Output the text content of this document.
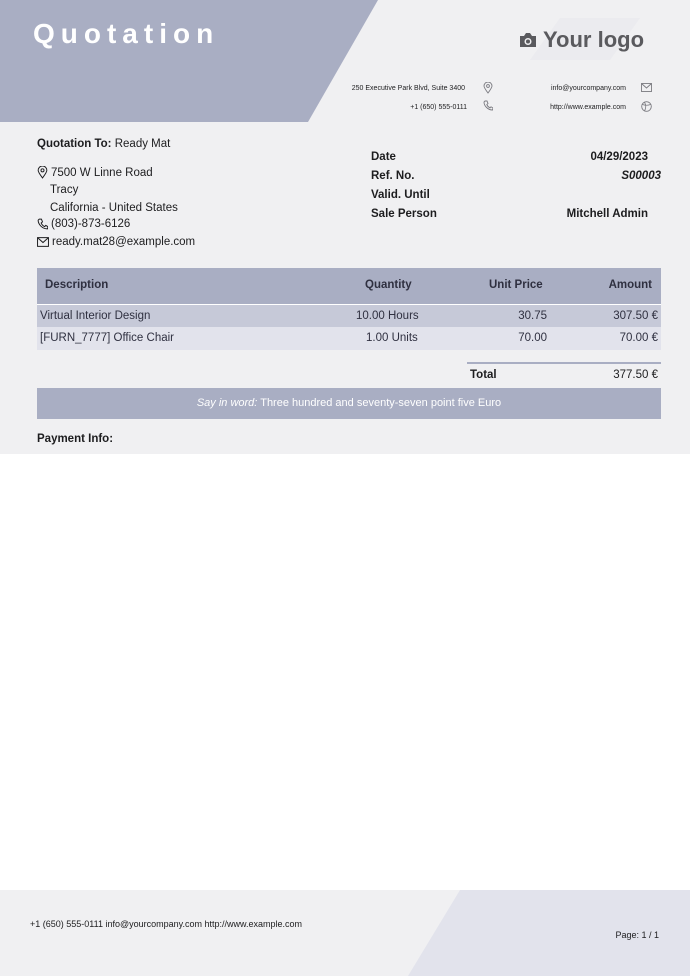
Quotation	Your logo
250 Executive Park Blvd, Suite 3400
+1 (650) 555-0111
info@yourcompany.com
http://www.example.com
Quotation To: Ready Mat
7500 W Linne Road
Tracy
California - United States
(803)-873-6126
ready.mat28@example.com
Date	04/29/2023
Ref. No.	S00003
Valid. Until
Sale Person	Mitchell Admin
Description	Quantity	Unit Price	Amount
Virtual Interior Design	10.00 Hours	30.75	307.50 €
[FURN_7777] Office Chair	1.00 Units	70.00	70.00 €
Total	377.50 €
Say in word: Three hundred and seventy-seven point five Euro
Payment Info:
+1 (650) 555-0111 info@yourcompany.com http://www.example.com
Page: 1 / 1
